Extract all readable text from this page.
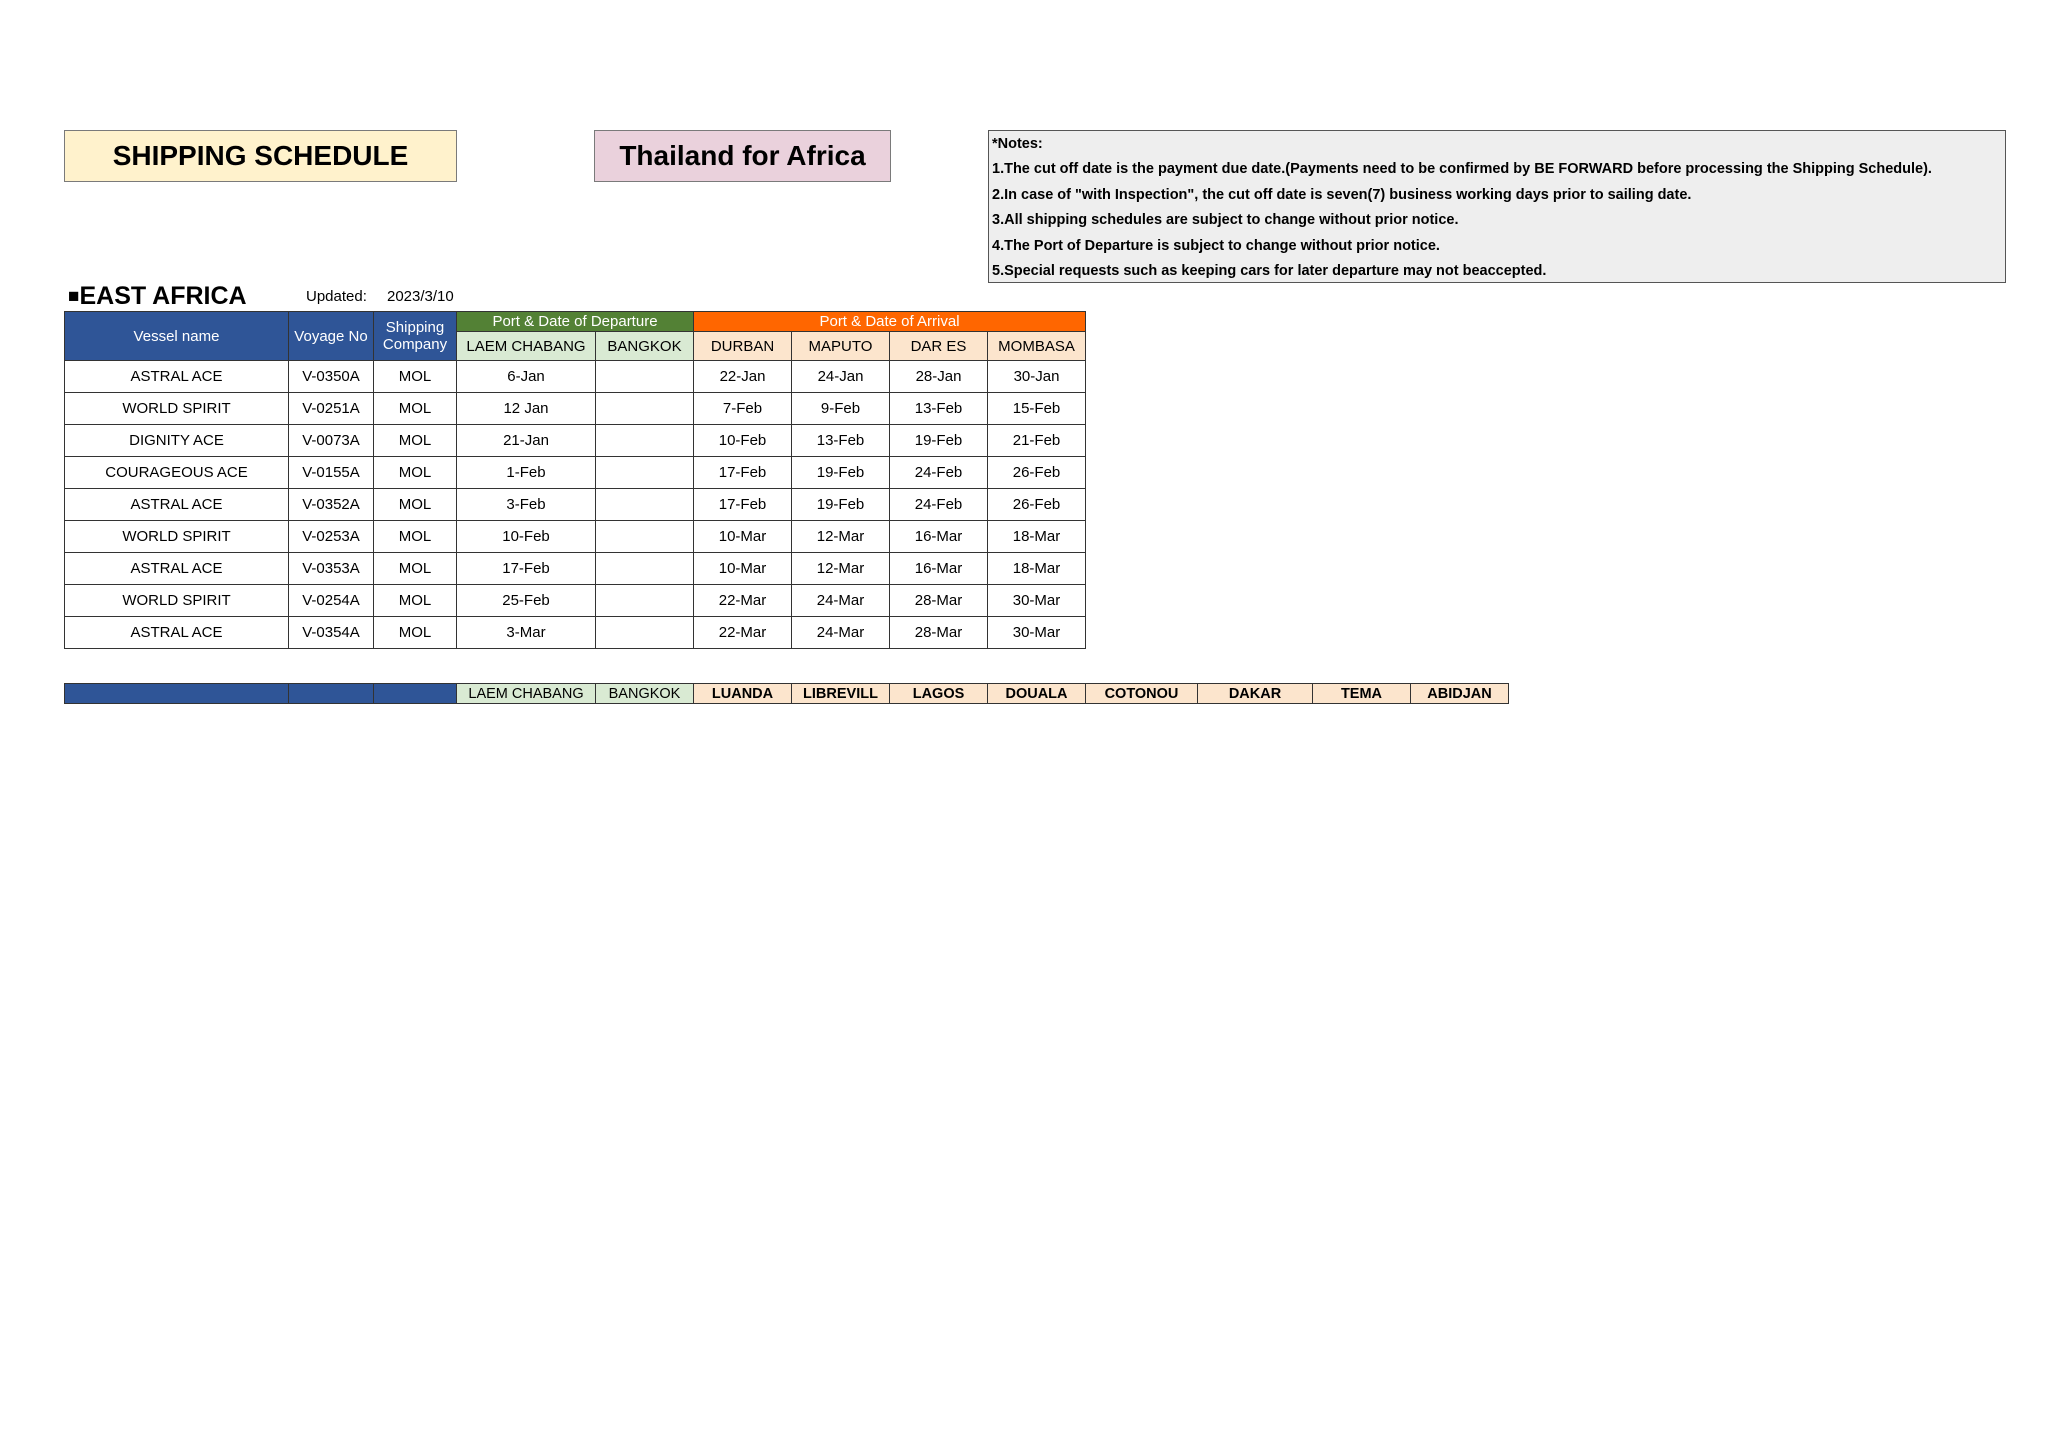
SHIPPING SCHEDULE	Thailand for Africa	*Notes:
1.The cut off date is the payment due date.(Payments need to be confirmed by BE FORWARD before processing the Shipping Schedule).
2.In case of "with Inspection", the cut off date is seven(7) business working days prior to sailing date.
3.All shipping schedules are subject to change without prior notice.
4.The Port of Departure is subject to change without prior notice.
5.Special requests such as keeping cars for later departure may not beaccepted.
■EAST AFRICA	Updated: 2023/3/10
Vessel name	Voyage No	Shipping Company	Port & Date of Departure		Port & Date of Arrival			
			LAEM CHABANG	BANGKOK	DURBAN	MAPUTO	DAR ES	MOMBASA
ASTRAL ACE	V-0350A	MOL	6-Jan		22-Jan	24-Jan	28-Jan	30-Jan
WORLD SPIRIT	V-0251A	MOL	12 Jan		7-Feb	9-Feb	13-Feb	15-Feb
DIGNITY ACE	V-0073A	MOL	21-Jan		10-Feb	13-Feb	19-Feb	21-Feb
COURAGEOUS ACE	V-0155A	MOL	1-Feb		17-Feb	19-Feb	24-Feb	26-Feb
ASTRAL ACE	V-0352A	MOL	3-Feb		17-Feb	19-Feb	24-Feb	26-Feb
WORLD SPIRIT	V-0253A	MOL	10-Feb		10-Mar	12-Mar	16-Mar	18-Mar
ASTRAL ACE	V-0353A	MOL	17-Feb		10-Mar	12-Mar	16-Mar	18-Mar
WORLD SPIRIT	V-0254A	MOL	25-Feb		22-Mar	24-Mar	28-Mar	30-Mar
ASTRAL ACE	V-0354A	MOL	3-Mar		22-Mar	24-Mar	28-Mar	30-Mar
			LAEM CHABANG	BANGKOK	LUANDA	LIBREVILL	LAGOS	DOUALA	COTONOU	DAKAR	TEMA	ABIDJAN
